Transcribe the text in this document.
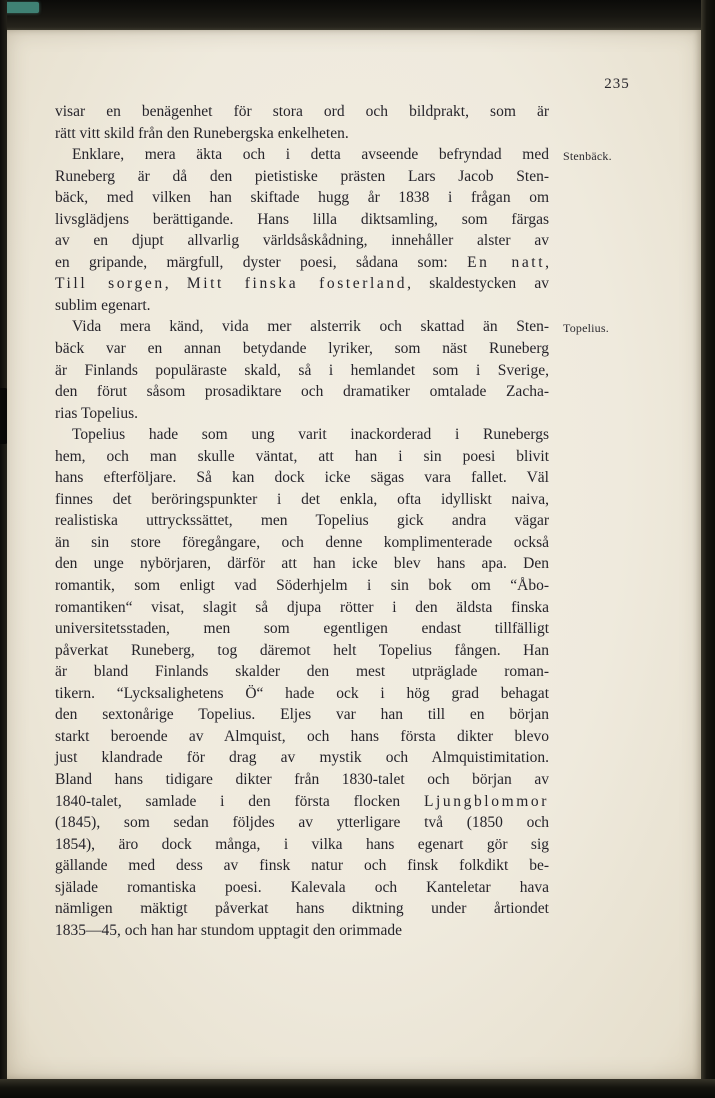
235
visar en benägenhet för stora ord och bildprakt, som är
rätt vitt skild från den Runebergska enkelheten.
Enklare, mera äkta och i detta avseende befryndad med Stenbäck.
Runeberg är då den pietistiske prästen Lars Jacob Sten-
bäck, med vilken han skiftade hugg år 1838 i frågan om
livsglädjens berättigande. Hans lilla diktsamling, som färgas
av en djupt allvarlig världsåskådning, innehåller alster av
en gripande, märgfull, dyster poesi, sådana som: En natt,
Till sorgen, Mitt finska fosterland, skaldestycken av
sublim egenart.
Vida mera känd, vida mer alsterrik och skattad än Sten- Topelius.
bäck var en annan betydande lyriker, som näst Runeberg
är Finlands populäraste skald, så i hemlandet som i Sverige,
den förut såsom prosadiktare och dramatiker omtalade Zacha-
rias Topelius.
Topelius hade som ung varit inackorderad i Runebergs
hem, och man skulle väntat, att han i sin poesi blivit
hans efterföljare. Så kan dock icke sägas vara fallet. Väl
finnes det beröringspunkter i det enkla, ofta idylliskt naiva,
realistiska uttryckssättet, men Topelius gick andra vägar
än sin store föregångare, och denne komplimenterade också
den unge nybörjaren, därför att han icke blev hans apa. Den
romantik, som enligt vad Söderhjelm i sin bok om “Åbo-
romantiken“ visat, slagit så djupa rötter i den äldsta finska
universitetsstaden, men som egentligen endast tillfälligt
påverkat Runeberg, tog däremot helt Topelius fången. Han
är bland Finlands skalder den mest utpräglade roman-
tikern. “Lycksalighetens Ö“ hade ock i hög grad behagat
den sextonårige Topelius. Eljes var han till en början
starkt beroende av Almquist, och hans första dikter blevo
just klandrade för drag av mystik och Almquistimitation.
Bland hans tidigare dikter från 1830-talet och början av
1840-talet, samlade i den första flocken Ljungblommor
(1845), som sedan följdes av ytterligare två (1850 och
1854), äro dock många, i vilka hans egenart gör sig
gällande med dess av finsk natur och finsk folkdikt be-
själade romantiska poesi. Kalevala och Kanteletar hava
nämligen mäktigt påverkat hans diktning under årtiondet
1835—45, och han har stundom upptagit den orimmade
